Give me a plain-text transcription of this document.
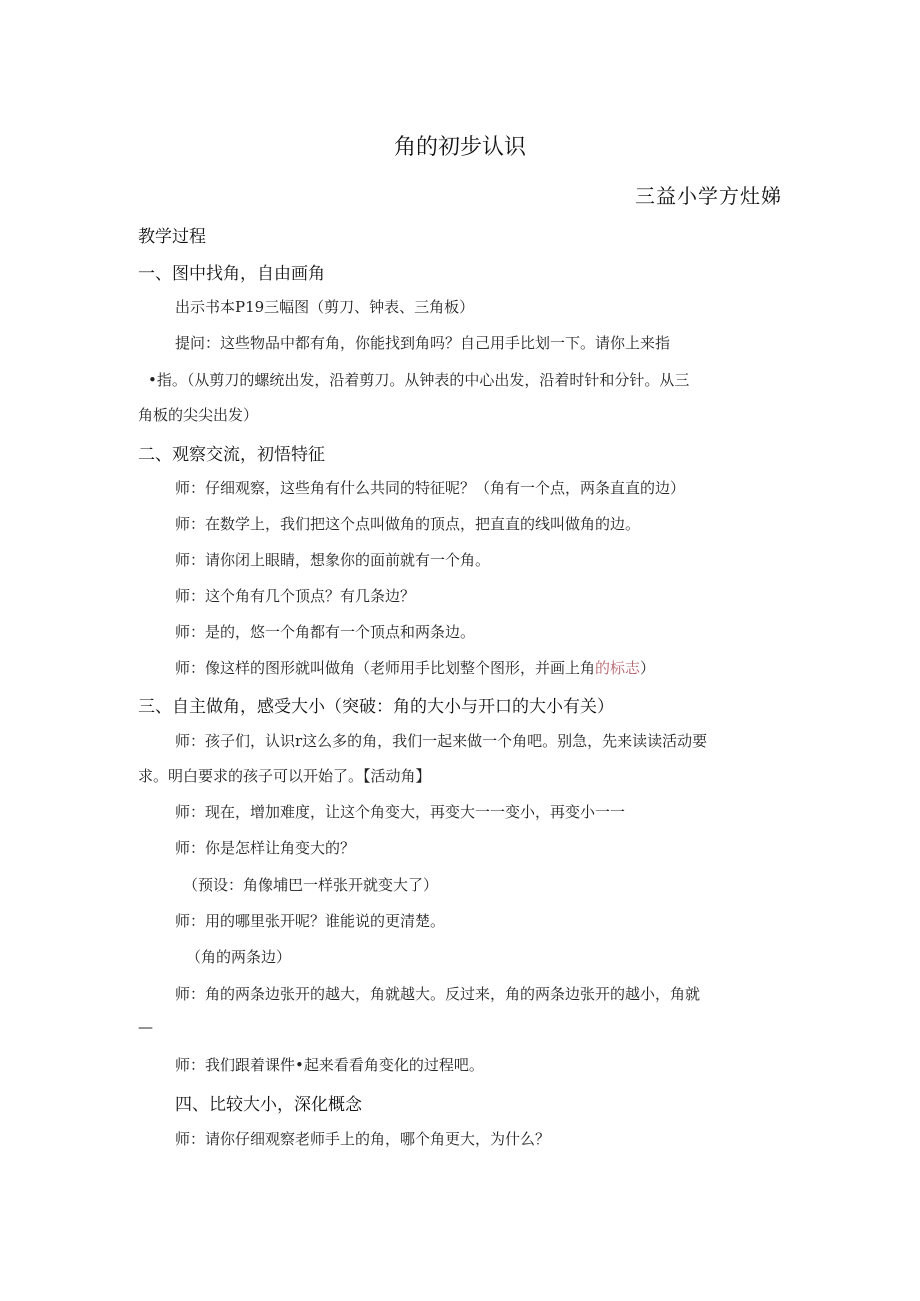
角的初步认识
三益小学方灶娣
教学过程
一、图中找角，自由画角
出示书本P19三幅图（剪刀、钟表、三角板）
提问：这些物品中都有角，你能找到角吗？自己用手比划一下。请你上来指
•指。（从剪刀的螺统出发，沿着剪刀。从钟表的中心出发，沿着时针和分针。从三
角板的尖尖出发）
二、观察交流，初悟特征
师：仔细观察，这些角有什么共同的特征呢？（角有一个点，两条直直的边）
师：在数学上，我们把这个点叫做角的顶点，把直直的线叫做角的边。
师：请你闭上眼睛，想象你的面前就有一个角。
师：这个角有几个顶点？有几条边？
师：是的，悠一个角都有一个顶点和两条边。
师：像这样的图形就叫做角（老师用手比划整个图形，并画上角的标志）
三、自主做角，感受大小（突破：角的大小与开口的大小有关）
师：孩子们，认识r这么多的角，我们一起来做一个角吧。别急，先来读读活动要
求。明白要求的孩子可以开始了。【活动角】
师：现在，增加难度，让这个角变大，再变大一一变小，再变小一一
师：你是怎样让角变大的？
（预设：角像埔巴一样张开就变大了）
师：用的哪里张开呢？谁能说的更清楚。
（角的两条边）
师：角的两条边张开的越大，角就越大。反过来，角的两条边张开的越小，角就
—
师：我们跟着课件•起来看看角变化的过程吧。
四、比较大小，深化概念
师：请你仔细观察老师手上的角，哪个角更大，为什么？
